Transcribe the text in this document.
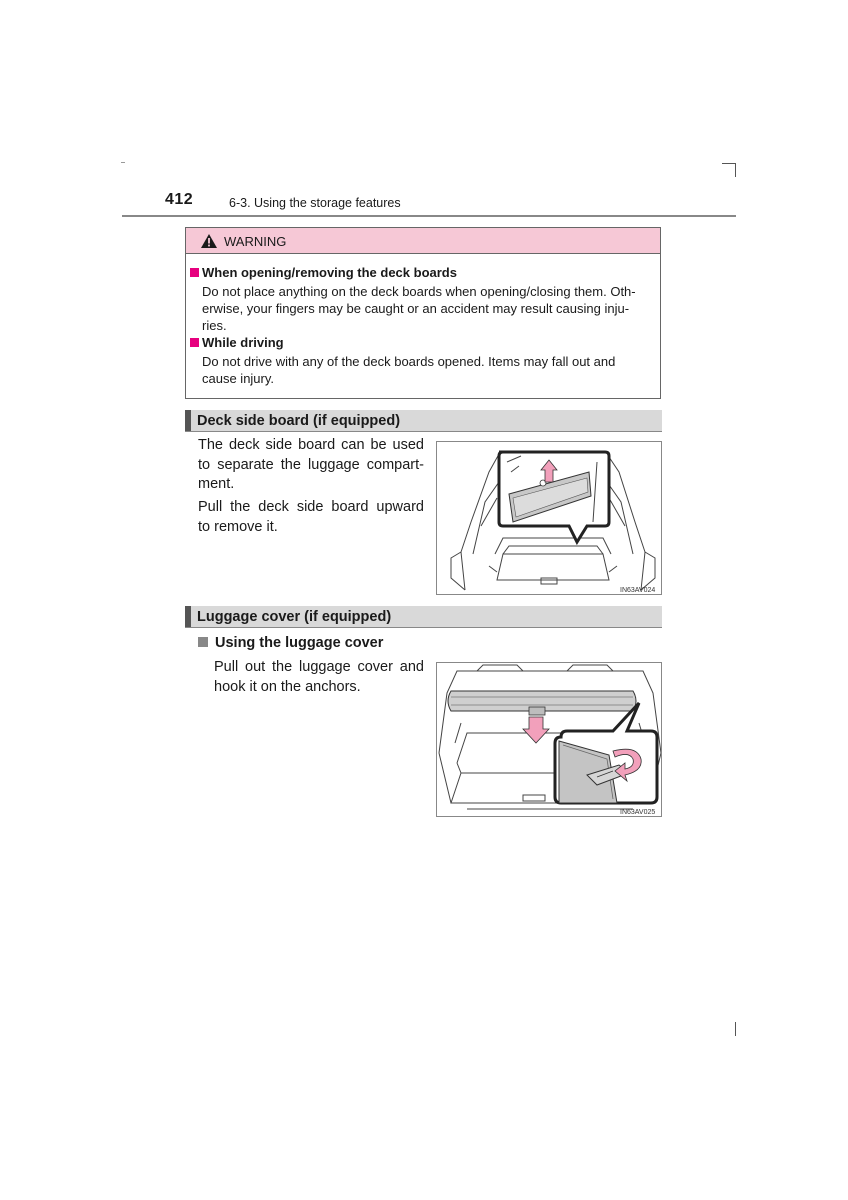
412	6-3. Using the storage features
WARNING
When opening/removing the deck boards
Do not place anything on the deck boards when opening/closing them. Oth-
erwise, your fingers may be caught or an accident may result causing inju-
ries.
While driving
Do not drive with any of the deck boards opened. Items may fall out and
cause injury.
Deck side board (if equipped)
The deck side board can be used
to separate the luggage compart-
ment.
Pull the deck side board upward
to remove it.
IN63AV024
Luggage cover (if equipped)
Using the luggage cover
Pull out the luggage cover and
hook it on the anchors.
IN63AV025
